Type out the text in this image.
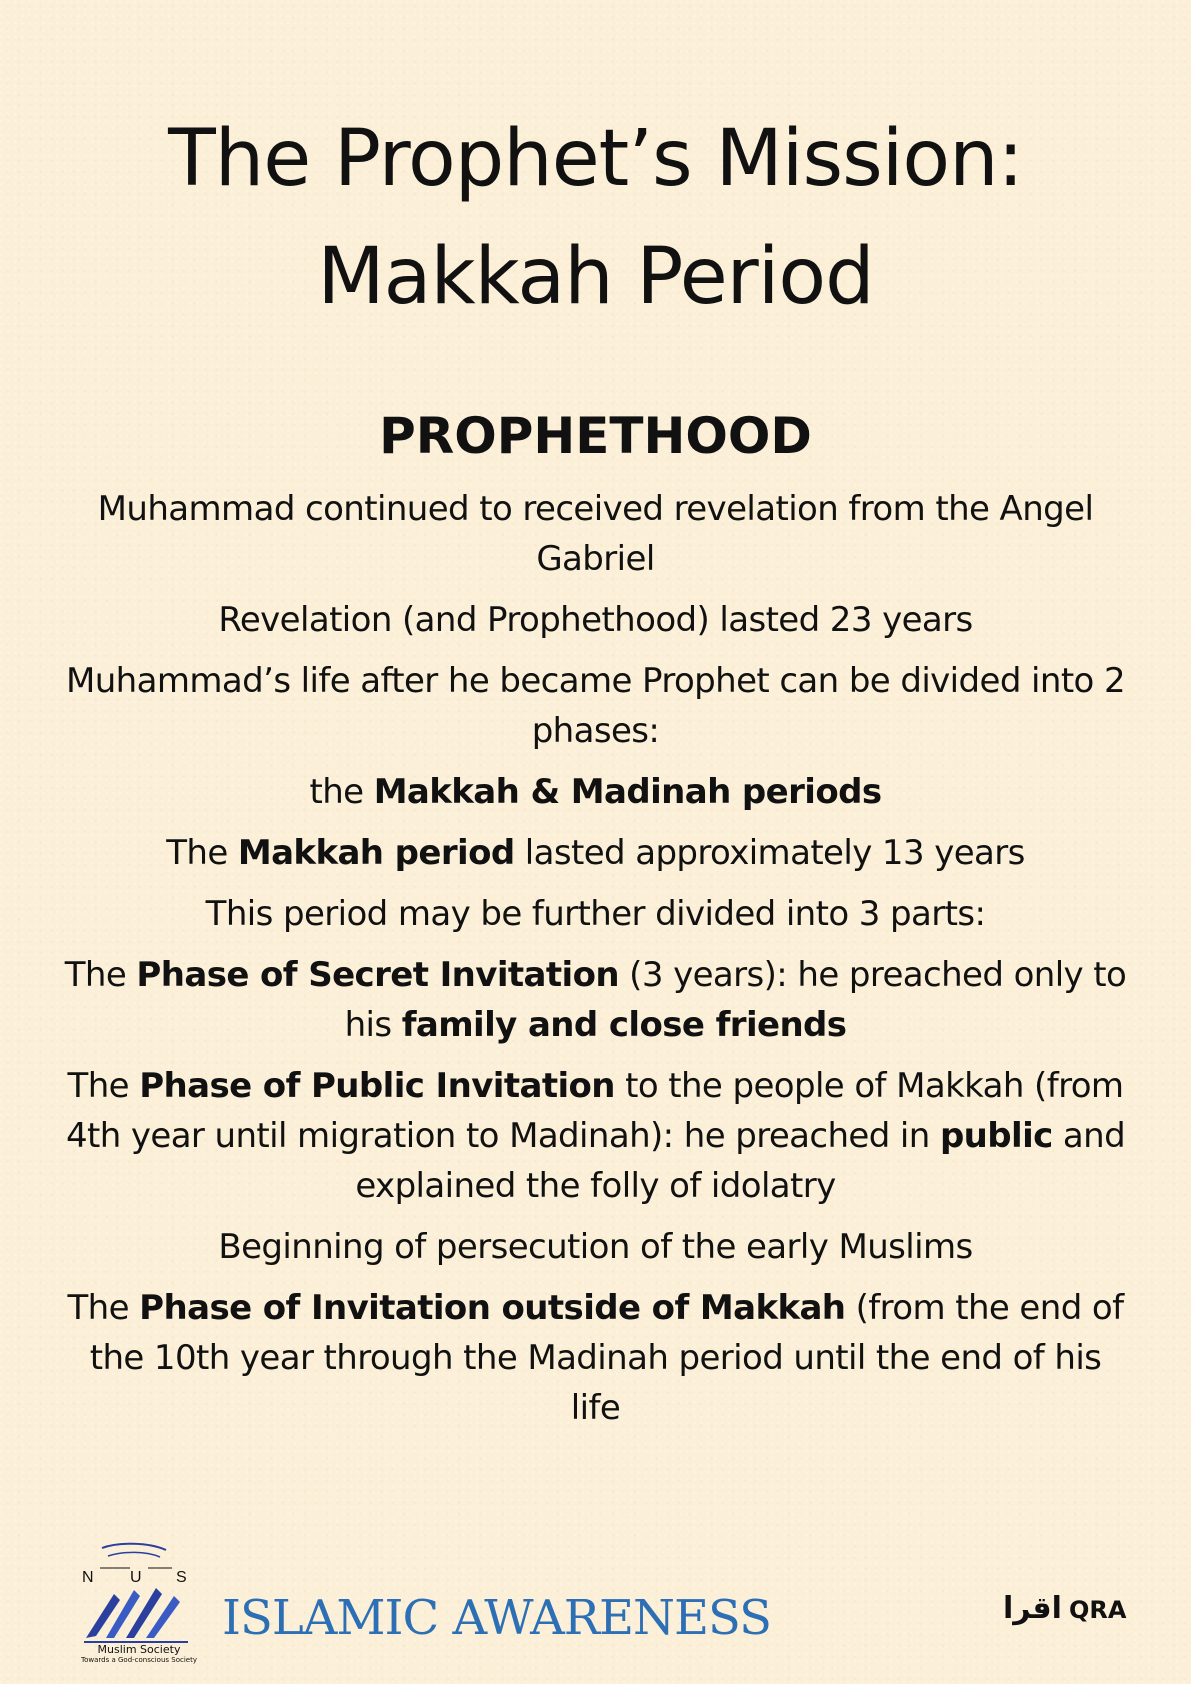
The Prophet’s Mission:
Makkah Period
PROPHETHOOD

Muhammad continued to received revelation from the Angel Gabriel

Revelation (and Prophethood) lasted 23 years

Muhammad’s life after he became Prophet can be divided into 2 phases:

the Makkah & Madinah periods

The Makkah period lasted approximately 13 years

This period may be further divided into 3 parts:

The Phase of Secret Invitation (3 years): he preached only to his family and close friends

The Phase of Public Invitation to the people of Makkah (from 4th year until migration to Madinah): he preached in public and explained the folly of idolatry

Beginning of persecution of the early Muslims

The Phase of Invitation outside of Makkah (from the end of the 10th year through the Madinah period until the end of his life

N U S
Muslim Society
Towards a God-conscious Society
ISLAMIC AWARENESS	اقرا QRA
